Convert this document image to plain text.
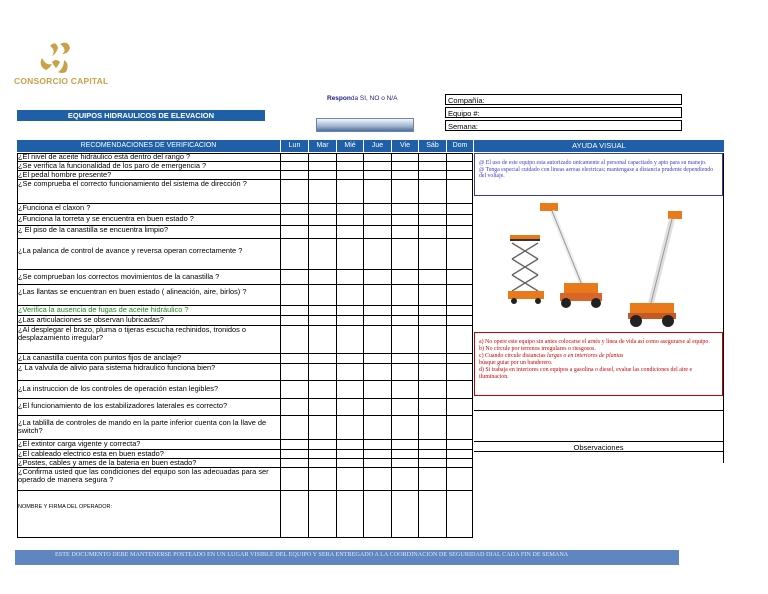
CONSORCIO CAPITAL
EQUIPOS HIDRAULICOS DE ELEVACION
Responda SI, NO o N/A	Compañía:
Equipo #:
Semana:
RECOMENDACIONES DE VERIFICACION	Lun	Mar	Mié	Jue	Vie	Sáb	Dom	AYUDA VISUAL
¿El nivel de aceite hidráulico está dentro del rango ?
¿Se verifica la funcionalidad de los paro de emergencia ?
¿El pedal hombre presente?
¿Se comprueba el correcto funcionamiento del sistema de dirección ?
¿Funciona el claxon ?
¿Funciona la torreta y se encuentra en buen estado ?
¿ El piso de la canastilla se encuentra limpio?
¿La palanca de control de avance y reversa operan correctamente ?
¿Se comprueban los correctos movimientos de la canastilla ?
¿Las llantas se encuentran en buen estado ( alineación, aire, birlos) ?
¿Verifica la ausencia de fugas de aceite hidráulico ?
¿Las articulaciones se observan lubricadas?
¿Al desplegar el brazo, pluma o tijeras escucha rechinidos, tronidos o desplazamiento irregular?
¿La canastilla cuenta con puntos fijos de anclaje?
¿ La valvula de alivio para sistema hidraulico funciona bien?
¿La instruccion de los controles de operación estan legibles?
¿El funcionamiento de los estabilizadores laterales es correcto?
¿La tablilla de controles de mando en la parte inferior cuenta con la llave de switch?
¿El extintor carga vigente y correcta?
¿El cableado electrico esta en buen estado?
¿Postes, cables y ames de la bateria en buen estado?
¿Confirma usted que las condiciones del equipo son las adecuadas para ser operado de manera segura ?
NOMBRE Y FIRMA DEL OPERADOR:
@ El uso de este equipo esta autorizado unicamente al personal capacitado y apto para su manejo.
@ Tenga especial cuidado con lineas aereas electricas; mantengase a distancia prudente dependiendo del voltaje.
a) No opere este equipo sin antes colocarse el arnés y línea de vida así como asegurarse al equipo.
b) No circule por terrenos irregulares o riesgosos.
c) Cuando circule distancias largas o en interiores de plantas
búsque guiar por un banderero.
d) Si trabaja en interiores con equipos a gasolina o diesel, evalue las condiciones del aire e iluminacion.
Observaciones
ESTE DOCUMENTO DEBE MANTENERSE POSTEADO EN UN LUGAR VISIBLE DEL EQUIPO Y SERA ENTREGADO A LA COORDINACION DE SEGURIDAD DIAL CADA FIN DE SEMANA
